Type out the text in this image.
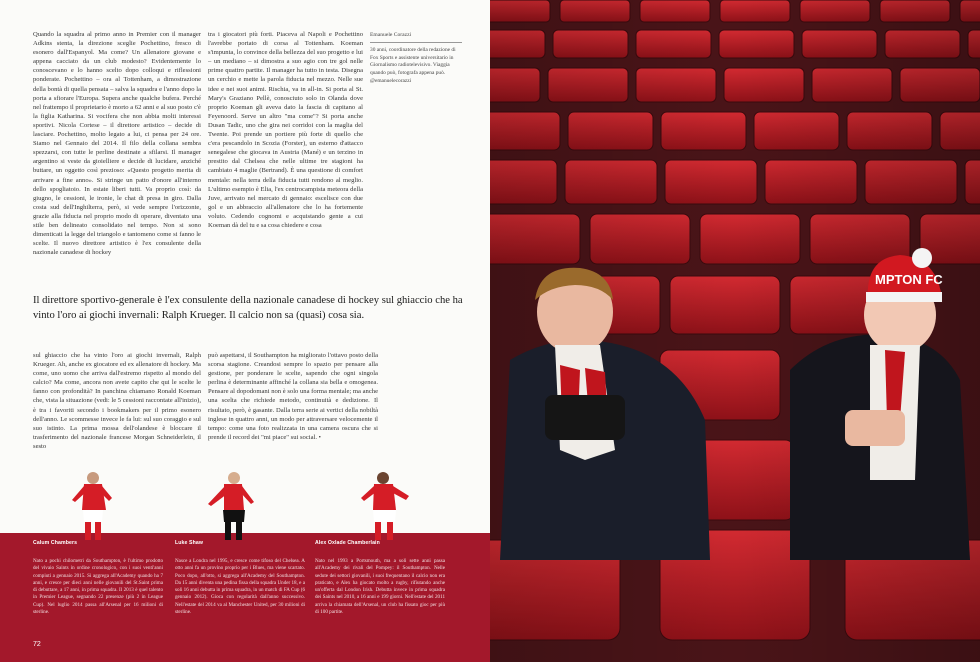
Quando la squadra al primo anno in Premier con il manager Adkins stenta, la direzione sceglie Pochettino, fresco di esonero dall'Espanyol. Ma come? Un allenatore giovane e appena cacciato da un club modesto? Evidentemente lo conoscevano e lo hanno scelto dopo colloqui e riflessioni ponderate. Pochettino – ora al Tottenham, a dimostrazione della bontà di quella pensata – salva la squadra e l'anno dopo la porta a sfiorare l'Europa. Supera anche qualche bufera. Perché nel frattempo il proprietario è morto a 62 anni e al suo posto c'è la figlia Katharina. Si vociferа che non abbia molti interessi sportivi. Nicola Cortese – il direttore artistico – decide di lasciare. Pochettino, molto legato a lui, ci pensa per 24 ore. Siamo nel Gennaio del 2014. Il filo della collana sembra spezzarsi, con tutte le perline destinate a sfilarsi. Il manager argentino si veste da gioielliere e decide di lucidare, anziché buttare, un oggetto così prezioso: «Questo progetto merita di arrivare a fine anno». Si stringe un patto d'onore all'interno dello spogliatoio. In estate liberi tutti. Va proprio così: da giugno, le cessioni, le ironie, le chat di presa in giro. Dalla costa sud dell'Inghilterra, però, si vede sempre l'orizzonte, grazie alla fiducia nel proprio modo di operare, diventato una stile ben delineato consolidato nel tempo. Non si sono dimenticati la legge del triangolo e tantomeno come si fanno le scelte. Il nuovo direttore artistico è l'ex consulente della nazionale canadese di hockey
tra i giocatori più forti. Piaceva al Napoli e Pochettino l'avrebbe portato di corsa al Tottenham. Koeman s'impunta, lo convince della bellezza del suo progetto e lui – un mediano – si dimostra a suo agio con tre gol nelle prime quattro partite. Il manager ha tutto in testa. Disegna un cerchio e mette la parola fiducia nel mezzo. Nelle sue idee e nei suoi animi. Rischia, va in all-in. Si porta al St. Mary's Graziano Pellè, conosciuto solo in Olanda dove proprio Koeman gli aveva dato la fascia di capitano al Feyenoord. Serve un altro "ma come"? Si porta anche Dusan Tadic, uno che gira nei corridoi con la maglia del Twente. Poi prende un portiere più forte di quello che c'era pescandolo in Scozia (Forster), un esterno d'attacco senegalese che giocava in Austria (Mané) e un terzino in prestito dal Chelsea che nelle ultime tre stagioni ha cambiato 4 maglie (Bertrand). È una questione di comfort mentale: nella terra della fiducia tutti rendono al meglio. L'ultimo esempio è Elia, l'ex centrocampista meteora della Juve, arrivato nel mercato di gennaio: escelisce con due gol e un abbraccio all'allenatore che lo ha fortemente voluto. Cedendo cognomi e acquistando gente a cui Koeman dà del tu e sa cosa chiedere e cosa
Emanuele Corazzi
30 anni, coordinatore della redazione di Fox Sports e assistente universitario in Giornalismo radiotelevisivo. Viaggia quando può, fotografa appena può. @emanuelecorazzi
Il direttore sportivo-generale è l'ex consulente della nazionale canadese di hockey sul ghiaccio che ha vinto l'oro ai giochi invernali: Ralph Krueger. Il calcio non sa (quasi) cosa sia.
sul ghiaccio che ha vinto l'oro ai giochi invernali, Ralph Krueger. Ah, anche ex giocatore ed ex allenatore di hockey. Ma come, uno uomo che arriva dall'estremo rispetto al mondo del calcio? Ma come, ancora non avete capito che qui le scelte le fanno con profondità? In panchina chiamano Ronald Koeman che, vista la situazione (vedi: le 5 cessioni raccontate all'inizio), è tra i favoriti secondo i bookmakers per il primo esonero dell'anno. Le scommesse invece le fa lui: sul suo coraggio e sul suo istinto. La prima mossa dell'olandese è bloccare il trasferimento del nazionale francese Morgan Schneiderlein, il sesto
può aspettarsi, il Southampton ha migliorato l'ottavo posto della scorsa stagione. Creandosi sempre lo spazio per pensare alla gestione, per ponderare le scelte, sapendo che ogni singola perlina è determinante affinché la collana sia bella e omogenea. Pensare al dopodomani non è solo una forma mentale; ma anche una scelta che richiede metodo, continuità e dedizione. Il risultato, però, è gasante. Dalla terra serie ai vertici della nobiltà inglese in quattro anni, un modo per attraversare velocemente il tempo: come una foto realizzata in una camera oscura che si prende il record dei "mi piace" sui social. •
Calum Chambers
Nato a pochi chilometri da Southampton, è l'ultimo prodotto del vivaio Saints in ordine cronologico, con i suoi venti'anni compiuti a gennaio 2015. Si aggrega all'Academy quando ha 7 anni, e cresce per dieci anni nelle giovanili del St.Saint prima di debuttare, a 17 anni, in prima squadra. Il 2013 è quel talento in Premier League, segnando 22 presenze (più 2 in League Cup). Nel luglio 2014 passa all'Arsenal per 16 milioni di sterline.
Luke Shaw
Nasce a Londra nel 1995, e cresce come tifoso del Chelsea. A otto anni fa un provino proprio per i Blues, ma viene scartato. Poco dopo, all'otto, si aggrega all'Academy del Southampton. Da 15 anni diventa una pedina fissa della squadra Under 18, e a soli 16 anni debutta in prima squadra, in un match di FA Cup (6 gennaio 2012). Gioca con regolarità dall'anno successivo. Nell'estate del 2014 va al Manchester United, per 30 milioni di sterline.
Alex Oxlade Chamberlain
Nato nel 1993 a Portsmouth, ma a soli sette anni passa all'Academy dei rivali del Pompey: il Southampton. Nelle sedute dei settori giovanili, i suoi frequentano il calcio non era praticato, e Alex ha giocato molto a rugby, rifiutando anche un'offerta dal London Irish. Debutta invece in prima squadra dei Saints nel 2010, a 16 anni e 199 giorni. Nell'estate del 2011 arriva la chiamata dell'Arsenal, un club ha fissato gioc per più di 100 partite.
72
MPTON FC
